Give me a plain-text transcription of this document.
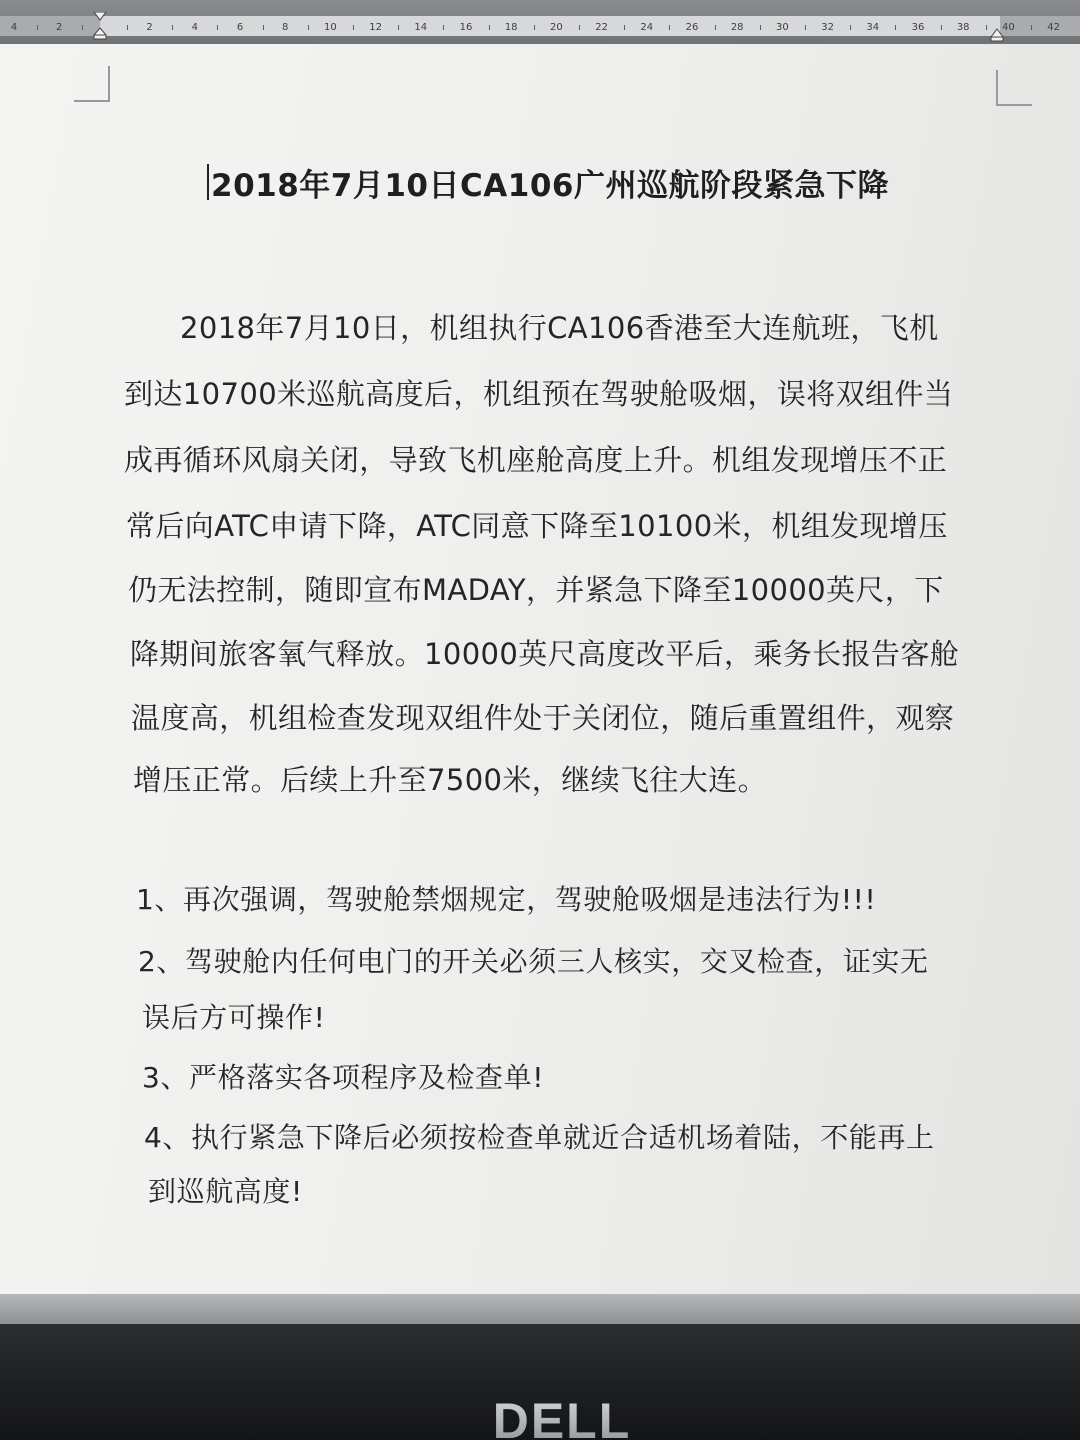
4	2	2	4	6	8	10	12	14	16	18	20	22	24	26	28	30	32	34	36	38	40	42
2018年7月10日CA106广州巡航阶段紧急下降
2018年7月10日，机组执行CA106香港至大连航班，飞机
到达10700米巡航高度后，机组预在驾驶舱吸烟，误将双组件当
成再循环风扇关闭，导致飞机座舱高度上升。机组发现增压不正
常后向ATC申请下降，ATC同意下降至10100米，机组发现增压
仍无法控制，随即宣布MADAY，并紧急下降至10000英尺，下
降期间旅客氧气释放。10000英尺高度改平后，乘务长报告客舱
温度高，机组检查发现双组件处于关闭位，随后重置组件，观察
增压正常。后续上升至7500米，继续飞往大连。
1、再次强调，驾驶舱禁烟规定，驾驶舱吸烟是违法行为!!!
2、驾驶舱内任何电门的开关必须三人核实，交叉检查，证实无
误后方可操作!
3、严格落实各项程序及检查单!
4、执行紧急下降后必须按检查单就近合适机场着陆，不能再上
到巡航高度!
DELL
